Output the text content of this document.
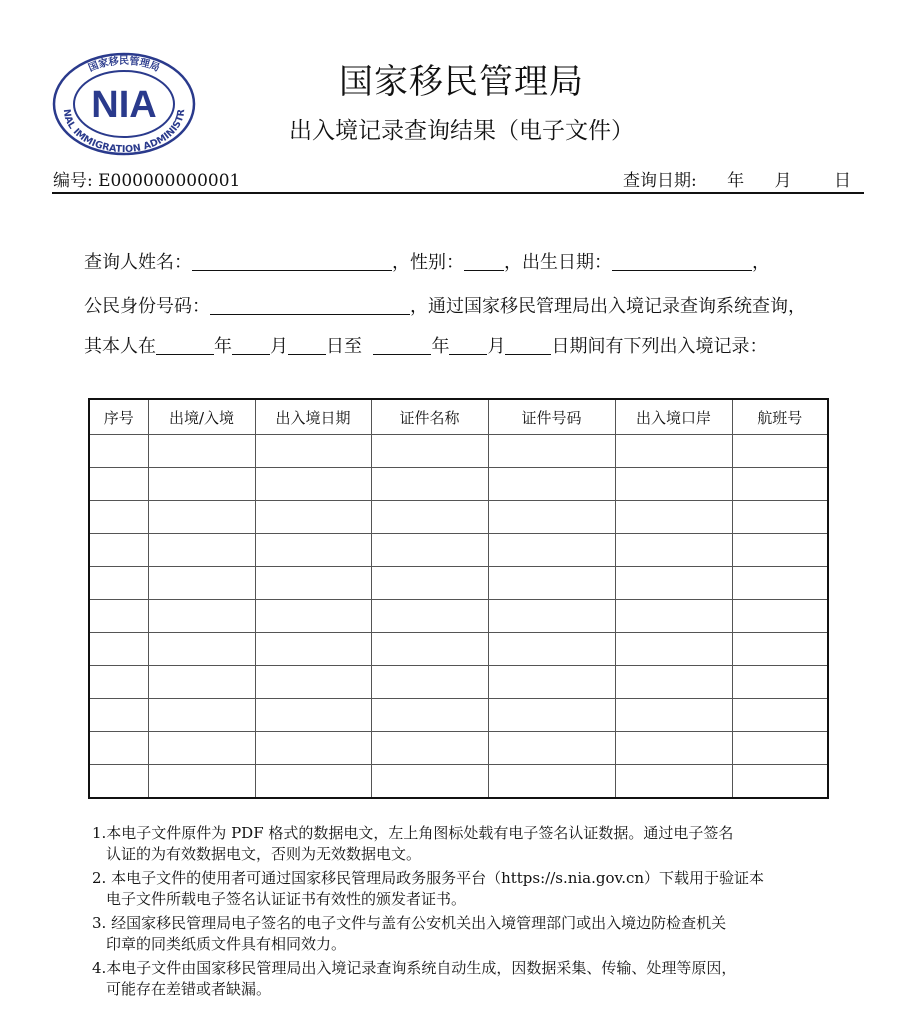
NAL IMMIGRATION ADMINISTR
国家移民管理局
NIA
国家移民管理局
出入境记录查询结果（电子文件）
编号: E000000000001	查询日期: 年 月 日
查询人姓名：	，性别： ，出生日期：	，
公民身份号码：	，通过国家移民管理局出入境记录查询系统查询，
其本人在	年 月 日至	年 月	日期间有下列出入境记录：
序号	出境/入境	出入境日期	证件名称	证件号码	出入境口岸	航班号

1.本电子文件原件为 PDF 格式的数据电文，左上角图标处载有电子签名认证数据。通过电子签名
认证的为有效数据电文，否则为无效数据电文。
2. 本电子文件的使用者可通过国家移民管理局政务服务平台（https://s.nia.gov.cn）下载用于验证本
电子文件所载电子签名认证证书有效性的颁发者证书。
3. 经国家移民管理局电子签名的电子文件与盖有公安机关出入境管理部门或出入境边防检查机关
印章的同类纸质文件具有相同效力。
4.本电子文件由国家移民管理局出入境记录查询系统自动生成，因数据采集、传输、处理等原因，
可能存在差错或者缺漏。
